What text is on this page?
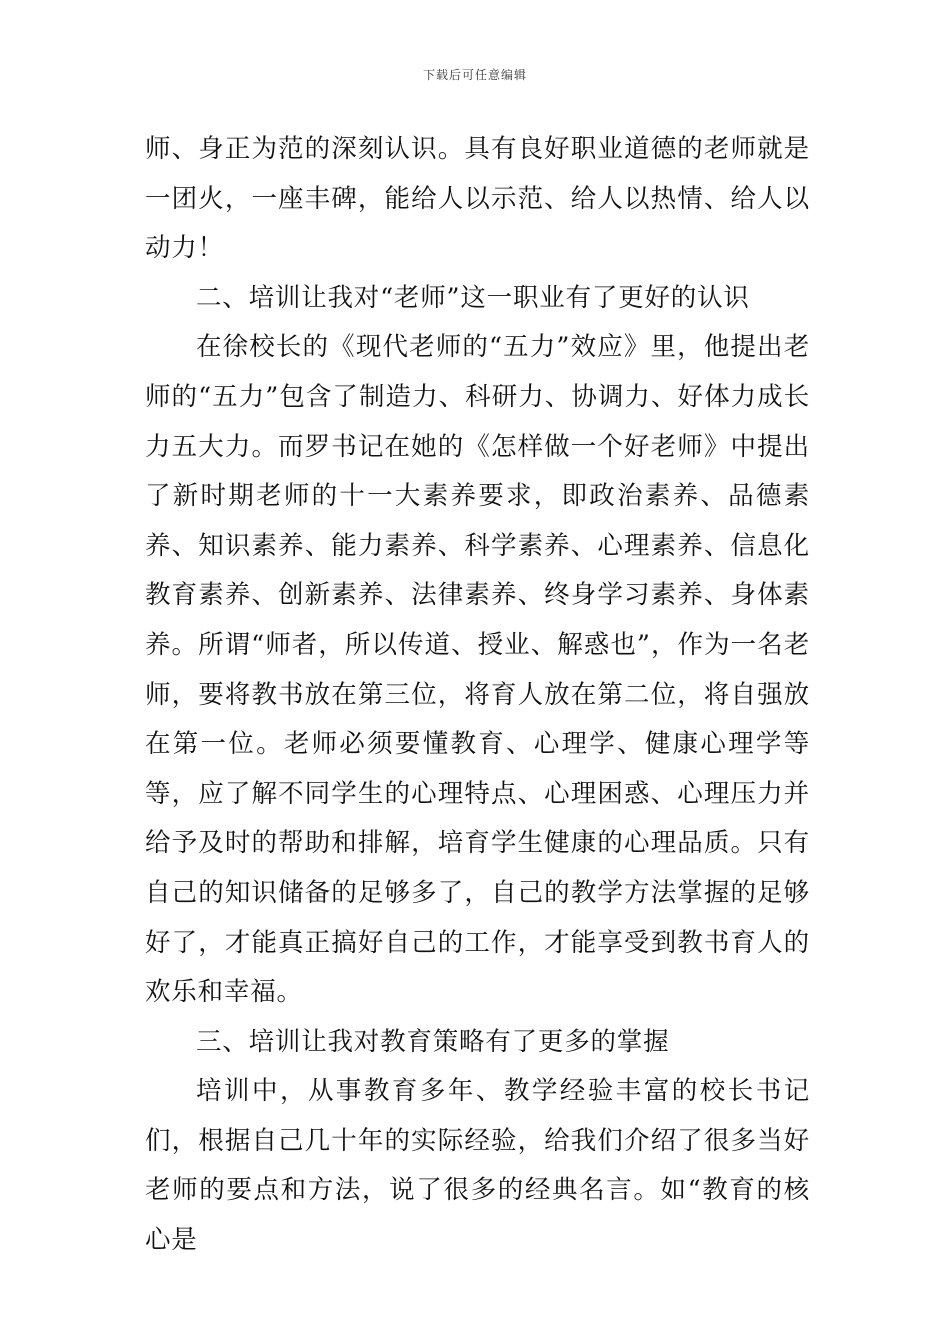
下载后可任意编辑

师、身正为范的深刻认识。具有良好职业道德的老师就是一团火，一座丰碑，能给人以示范、给人以热情、给人以动力！

二、培训让我对“老师”这一职业有了更好的认识

在徐校长的《现代老师的“五力”效应》里，他提出老师的“五力”包含了制造力、科研力、协调力、好体力成长力五大力。而罗书记在她的《怎样做一个好老师》中提出了新时期老师的十一大素养要求，即政治素养、品德素养、知识素养、能力素养、科学素养、心理素养、信息化教育素养、创新素养、法律素养、终身学习素养、身体素养。所谓“师者，所以传道、授业、解惑也”，作为一名老师，要将教书放在第三位，将育人放在第二位，将自强放在第一位。老师必须要懂教育、心理学、健康心理学等等，应了解不同学生的心理特点、心理困惑、心理压力并给予及时的帮助和排解，培育学生健康的心理品质。只有自己的知识储备的足够多了，自己的教学方法掌握的足够好了，才能真正搞好自己的工作，才能享受到教书育人的欢乐和幸福。

三、培训让我对教育策略有了更多的掌握

培训中，从事教育多年、教学经验丰富的校长书记们，根据自己几十年的实际经验，给我们介绍了很多当好老师的要点和方法，说了很多的经典名言。如“教育的核心是
